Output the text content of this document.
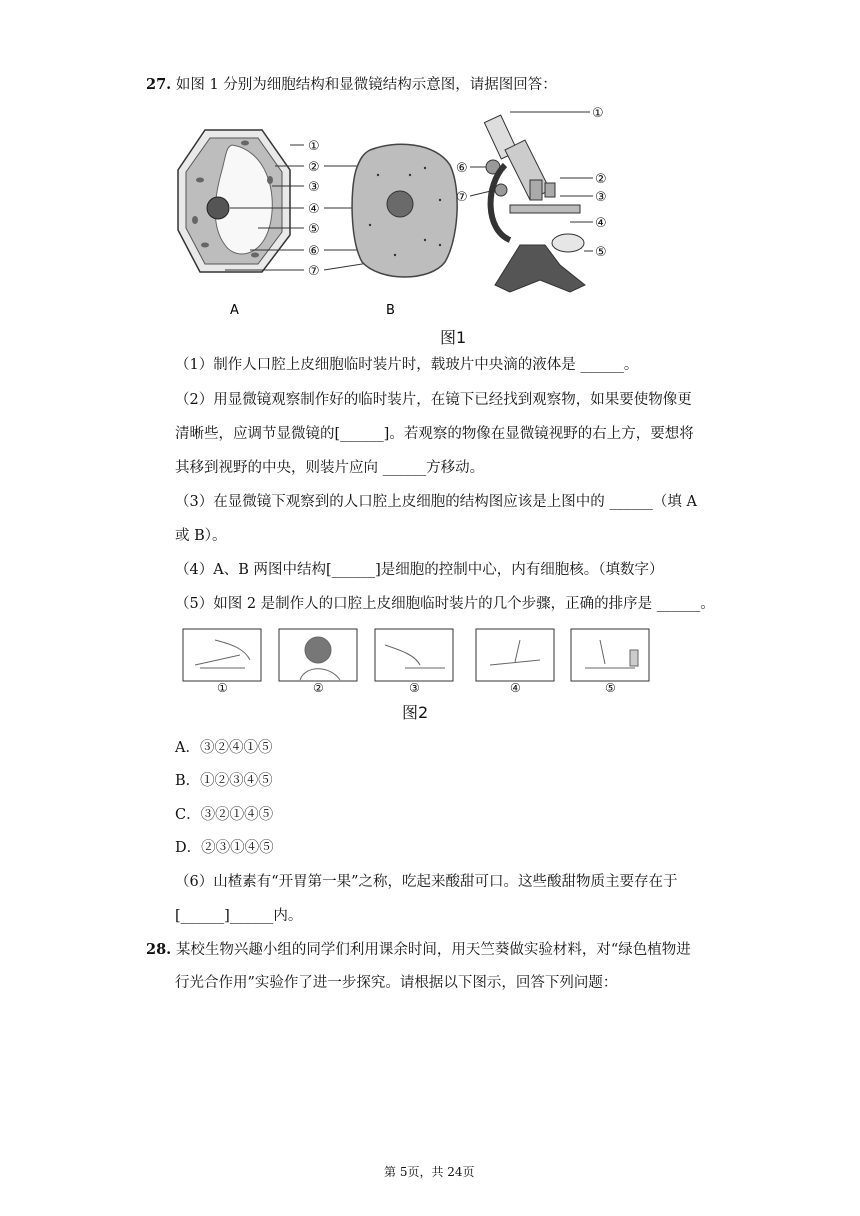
27. 如图 1 分别为细胞结构和显微镜结构示意图，请据图回答：
①
②
③
④
⑤
⑥
⑦
①
⑥
⑦
②
③
④
⑤
A	B
图1
（1）制作人口腔上皮细胞临时装片时，载玻片中央滴的液体是 ______。
（2）用显微镜观察制作好的临时装片，在镜下已经找到观察物，如果要使物像更
清晰些，应调节显微镜的[______]。若观察的物像在显微镜视野的右上方，要想将
其移到视野的中央，则装片应向 ______方移动。
（3）在显微镜下观察到的人口腔上皮细胞的结构图应该是上图中的 ______（填 A
或 B）。
（4）A、B 两图中结构[______]是细胞的控制中心，内有细胞核。（填数字）
（5）如图 2 是制作人的口腔上皮细胞临时装片的几个步骤，正确的排序是 ______。
①	②	③	④	⑤
图2
A．③②④①⑤
B．①②③④⑤
C．③②①④⑤
D．②③①④⑤
（6）山楂素有“开胃第一果”之称，吃起来酸甜可口。这些酸甜物质主要存在于
[______]______内。
28. 某校生物兴趣小组的同学们利用课余时间，用天竺葵做实验材料，对“绿色植物进
行光合作用”实验作了进一步探究。请根据以下图示，回答下列问题：
第 5页，共 24页
